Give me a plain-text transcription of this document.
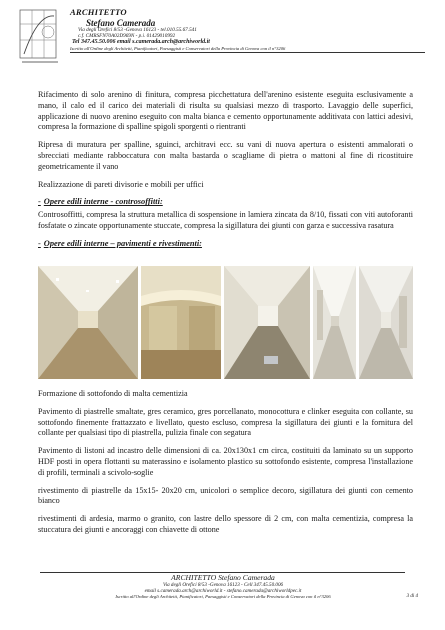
ARCHITETTO
Stefano Camerada
Via degli Orefici 8/53 -Genova 16123 - tel.010.55.67.541
c.f. CMRSFN70A02D969N - p.i. 01429010992
Tel 347.45.50.006 email s.camerada.arch@archiworld.it
Iscritto all'Ordine degli Architetti, Pianificatori, Paesaggisti e Conservatori della Provincia di Genova con il n°3206

Rifacimento di solo arenino di finitura, compresa picchettatura dell'arenino esistente eseguita esclusivamente a mano, il calo ed il carico dei materiali di risulta su qualsiasi mezzo di trasporto. Lavaggio delle superfici, applicazione di nuovo arenino eseguito con malta bianca e cemento opportunamente additivata con lattici adesivi, compresa la formazione di spalline spigoli sporgenti o rientranti

Ripresa di muratura per spalline, sguinci, architravi ecc. su vani di nuova apertura o esistenti ammalorati o sbrecciati mediante rabboccatura con malta bastarda o scagliame di pietra o mattoni al fine di ricostituire geometricamente il vano

Realizzazione di pareti divisorie e mobili per uffici

- Opere edili interne - controsoffitti:

Controsoffitti, compresa la struttura metallica di sospensione in lamiera zincata da 8/10, fissati con viti autoforanti fosfatate o zincate opportunamente stuccate, compresa la sigillatura dei giunti con garza e successiva rasatura

- Opere edili interne – pavimenti e rivestimenti:

Formazione di sottofondo di malta cementizia

Pavimento di piastrelle smaltate, gres ceramico, gres porcellanato, monocottura e clinker eseguita con collante, su sottofondo finemente frattazzato e livellato, questo escluso, compresa la sigillatura dei giunti e la fornitura del collante per qualsiasi tipo di piastrella, pulizia finale con segatura

Pavimento di listoni ad incastro delle dimensioni di ca. 20x130x1 cm circa, costituiti da laminato su un supporto HDF posti in opera flottanti su materassino e isolamento plastico su sottofondo esistente, compresa l'installazione di profili, terminali a scivolo-soglie

rivestimento di piastrelle da 15x15- 20x20 cm, unicolori o semplice decoro, sigillatura dei giunti con cemento bianco

rivestimenti di ardesia, marmo o granito, con lastre dello spessore di 2 cm, con malta cementizia, compresa la stuccatura dei giunti e ancoraggi con chiavette di ottone

ARCHITETTO Stefano Camerada
Via degli Orefici 8/53 -Genova 16123 - Cell 347.45.50.006
email s.camerada.arch@archiworld.it - stefano.camerada@archiworldpec.it
Iscritto all'Ordine degli Architetti, Pianificatori, Paesaggisti e Conservatori della Provincia di Genova con il n°3206	3 di 4
